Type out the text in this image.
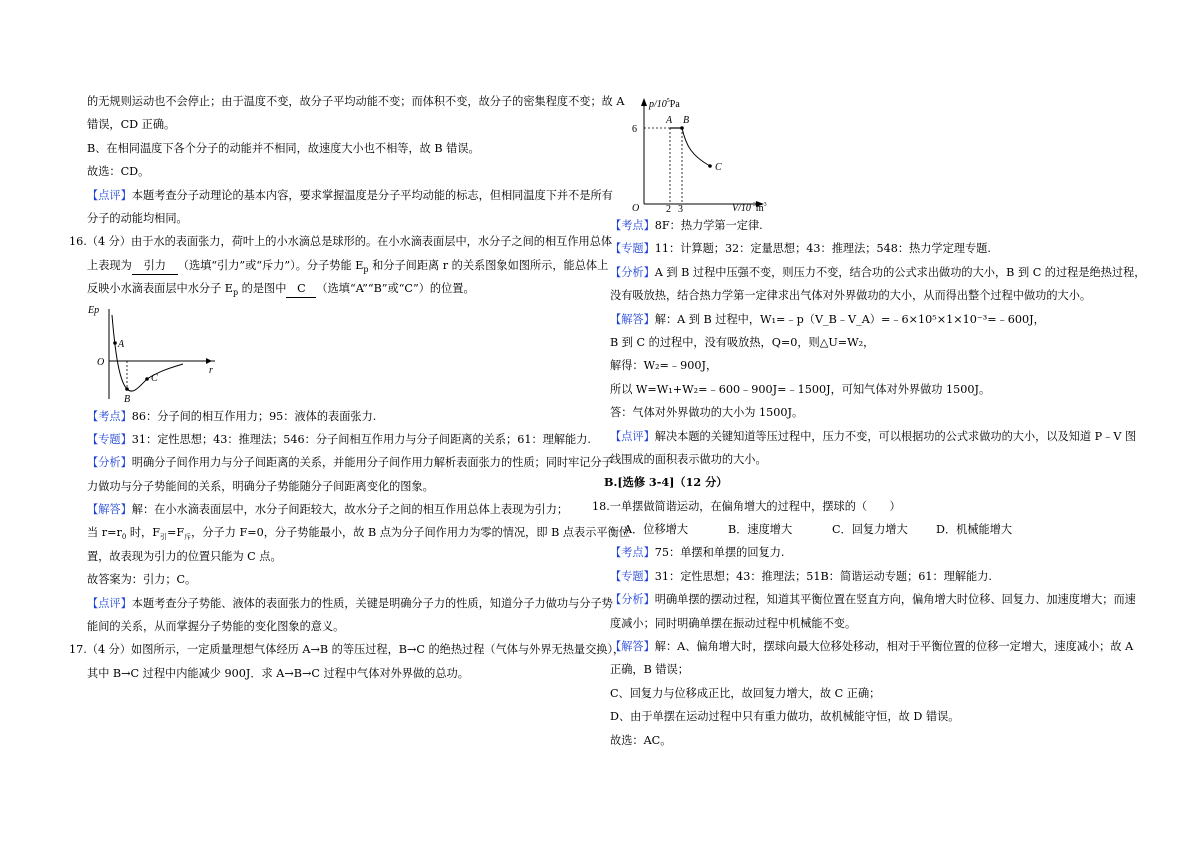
的无规则运动也不会停止；由于温度不变，故分子平均动能不变；而体积不变，故分子的密集程度不变；故 A
错误，CD 正确。
B、在相同温度下各个分子的动能并不相同，故速度大小也不相等，故 B 错误。
故选：CD。
【点评】本题考查分子动理论的基本内容，要求掌握温度是分子平均动能的标志，但相同温度下并不是所有
分子的动能均相同。
16.（4 分）由于水的表面张力，荷叶上的小水滴总是球形的。在小水滴表面层中，水分子之间的相互作用总体
上表现为 引力 （选填“引力”或“斥力”）。分子势能 $E_p$ 和分子间距离 r 的关系图象如图所示，能总体上
反映小水滴表面层中水分子 $E_p$ 的是图中 C （选填“A”“B”或“C”）的位置。
Ep
r
O
A
B
C
【考点】86：分子间的相互作用力；95：液体的表面张力.
【专题】31：定性思想；43：推理法；546：分子间相互作用力与分子间距离的关系；61：理解能力.
【分析】明确分子间作用力与分子间距离的关系，并能用分子间作用力解析表面张力的性质；同时牢记分子
力做功与分子势能间的关系，明确分子势能随分子间距离变化的图象。
【解答】解：在小水滴表面层中，水分子间距较大，故水分子之间的相互作用总体上表现为引力；
当 $r=r_0$ 时，$F_引=F_斥$，分子力 F=0，分子势能最小，故 B 点为分子间作用力为零的情况，即 B 点表示平衡位
置，故表现为引力的位置只能为 C 点。
故答案为：引力；C。
【点评】本题考查分子势能、液体的表面张力的性质，关键是明确分子力的性质，知道分子力做功与分子势
能间的关系，从而掌握分子势能的变化图象的意义。
17.（4 分）如图所示，一定质量理想气体经历 A→B 的等压过程，B→C 的绝热过程（气体与外界无热量交换），
其中 B→C 过程中内能减少 900J．求 A→B→C 过程中气体对外界做的总功。
$p/10^5Pa$
$V/10^{-3}m^3$
6
O	2 3
A B
C
【考点】8F：热力学第一定律.
【专题】11：计算题；32：定量思想；43：推理法；548：热力学定理专题.
【分析】A 到 B 过程中压强不变，则压力不变，结合功的公式求出做功的大小，B 到 C 的过程是绝热过程，
没有吸放热，结合热力学第一定律求出气体对外界做功的大小，从而得出整个过程中做功的大小。
【解答】解：A 到 B 过程中，W₁=﹣p（V_B﹣V_A）=﹣6×10⁵×1×10⁻³=﹣600J，
B 到 C 的过程中，没有吸放热，Q=0，则△U=W₂，
解得：W₂=﹣900J，
所以 W=W₁+W₂=﹣600﹣900J=﹣1500J，可知气体对外界做功 1500J。
答：气体对外界做功的大小为 1500J。
【点评】解决本题的关键知道等压过程中，压力不变，可以根据功的公式求做功的大小，以及知道 P﹣V 图
线围成的面积表示做功的大小。
B.[选修 3-4]（12 分）
18.一单摆做简谐运动，在偏角增大的过程中，摆球的（　　）
A．位移增大	B．速度增大	C．回复力增大	D．机械能增大
【考点】75：单摆和单摆的回复力.
【专题】31：定性思想；43：推理法；51B：简谐运动专题；61：理解能力.
【分析】明确单摆的摆动过程，知道其平衡位置在竖直方向，偏角增大时位移、回复力、加速度增大；而速
度减小；同时明确单摆在振动过程中机械能不变。
【解答】解：A、偏角增大时，摆球向最大位移处移动，相对于平衡位置的位移一定增大，速度减小；故 A
正确，B 错误；
C、回复力与位移成正比，故回复力增大，故 C 正确；
D、由于单摆在运动过程中只有重力做功，故机械能守恒，故 D 错误。
故选：AC。
